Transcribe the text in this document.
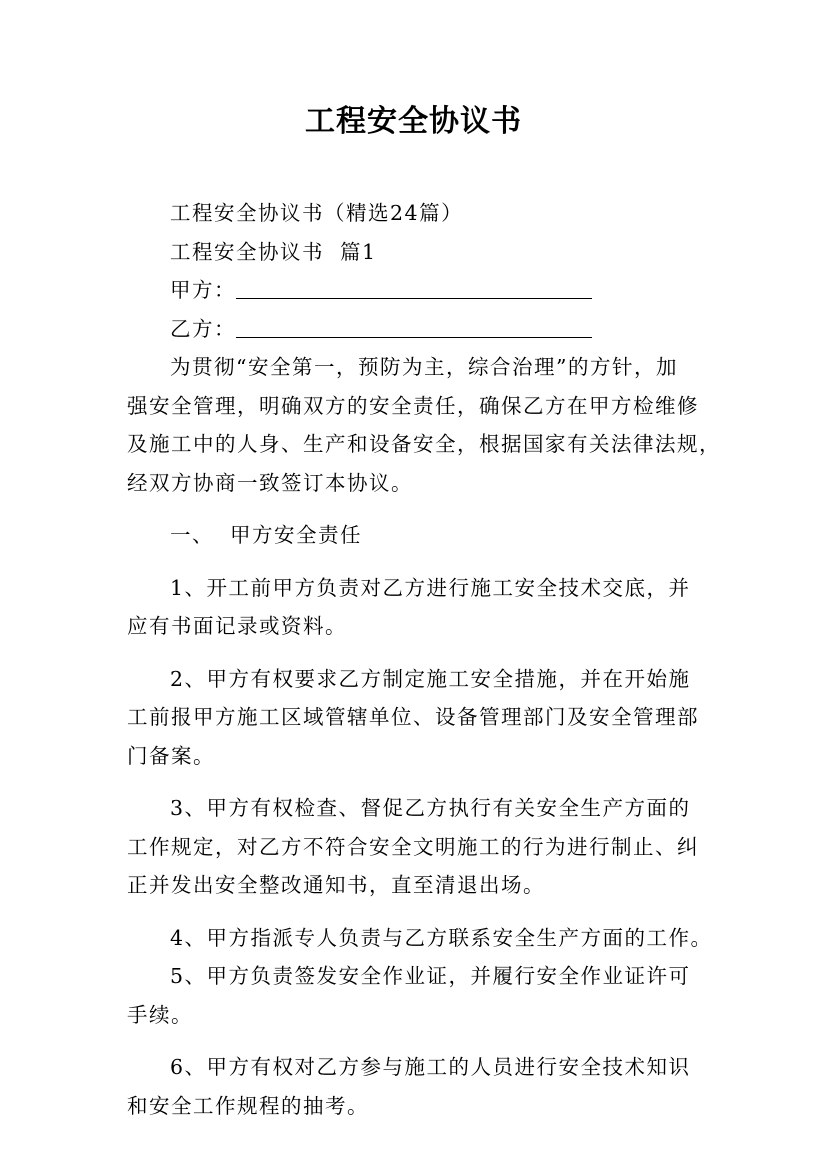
工程安全协议书
工程安全协议书（精选24篇）
工程安全协议书  篇1
甲方：
乙方：
为贯彻“安全第一，预防为主，综合治理”的方针，加
强安全管理，明确双方的安全责任，确保乙方在甲方检维修
及施工中的人身、生产和设备安全，根据国家有关法律法规，
经双方协商一致签订本协议。
一、  甲方安全责任
1、开工前甲方负责对乙方进行施工安全技术交底，并
应有书面记录或资料。
2、甲方有权要求乙方制定施工安全措施，并在开始施
工前报甲方施工区域管辖单位、设备管理部门及安全管理部
门备案。
3、甲方有权检查、督促乙方执行有关安全生产方面的
工作规定，对乙方不符合安全文明施工的行为进行制止、纠
正并发出安全整改通知书，直至清退出场。
4、甲方指派专人负责与乙方联系安全生产方面的工作。
5、甲方负责签发安全作业证，并履行安全作业证许可
手续。
6、甲方有权对乙方参与施工的人员进行安全技术知识
和安全工作规程的抽考。
